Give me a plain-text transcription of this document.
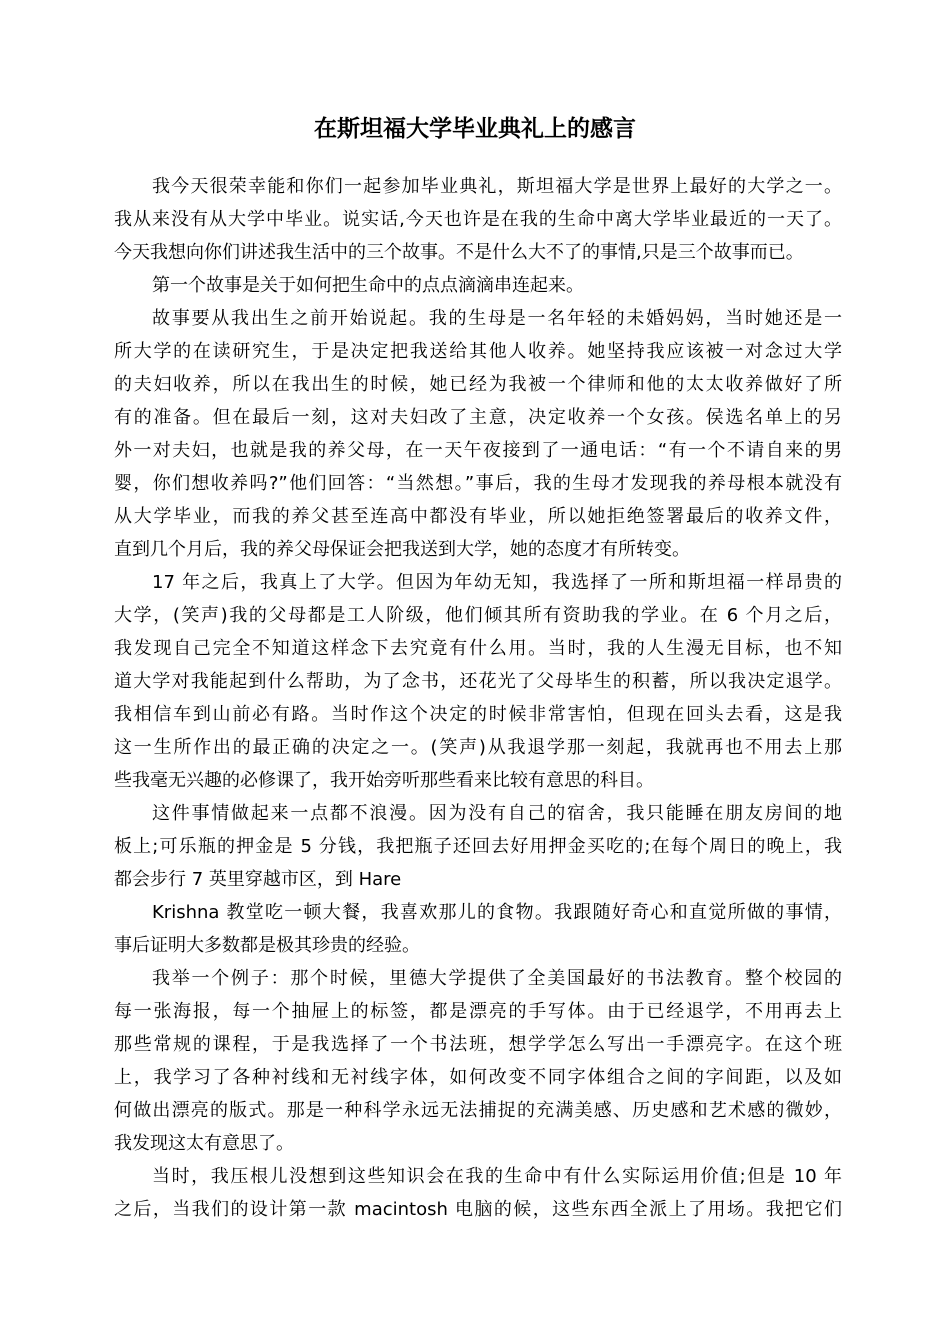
在斯坦福大学毕业典礼上的感言
我今天很荣幸能和你们一起参加毕业典礼，斯坦福大学是世界上最好的大学之一。
我从来没有从大学中毕业。说实话,今天也许是在我的生命中离大学毕业最近的一天了。
今天我想向你们讲述我生活中的三个故事。不是什么大不了的事情,只是三个故事而已。
第一个故事是关于如何把生命中的点点滴滴串连起来。
故事要从我出生之前开始说起。我的生母是一名年轻的未婚妈妈，当时她还是一
所大学的在读研究生，于是决定把我送给其他人收养。她坚持我应该被一对念过大学
的夫妇收养，所以在我出生的时候，她已经为我被一个律师和他的太太收养做好了所
有的准备。但在最后一刻，这对夫妇改了主意，决定收养一个女孩。侯选名单上的另
外一对夫妇，也就是我的养父母，在一天午夜接到了一通电话：“有一个不请自来的男
婴，你们想收养吗?”他们回答：“当然想。”事后，我的生母才发现我的养母根本就没有
从大学毕业，而我的养父甚至连高中都没有毕业，所以她拒绝签署最后的收养文件，
直到几个月后，我的养父母保证会把我送到大学，她的态度才有所转变。
17 年之后，我真上了大学。但因为年幼无知，我选择了一所和斯坦福一样昂贵的
大学，(笑声)我的父母都是工人阶级，他们倾其所有资助我的学业。在 6 个月之后，
我发现自己完全不知道这样念下去究竟有什么用。当时，我的人生漫无目标，也不知
道大学对我能起到什么帮助，为了念书，还花光了父母毕生的积蓄，所以我决定退学。
我相信车到山前必有路。当时作这个决定的时候非常害怕，但现在回头去看，这是我
这一生所作出的最正确的决定之一。(笑声)从我退学那一刻起，我就再也不用去上那
些我毫无兴趣的必修课了，我开始旁听那些看来比较有意思的科目。
这件事情做起来一点都不浪漫。因为没有自己的宿舍，我只能睡在朋友房间的地
板上;可乐瓶的押金是 5 分钱，我把瓶子还回去好用押金买吃的;在每个周日的晚上，我
都会步行 7 英里穿越市区，到 Hare
Krishna 教堂吃一顿大餐，我喜欢那儿的食物。我跟随好奇心和直觉所做的事情，
事后证明大多数都是极其珍贵的经验。
我举一个例子：那个时候，里德大学提供了全美国最好的书法教育。整个校园的
每一张海报，每一个抽屉上的标签，都是漂亮的手写体。由于已经退学，不用再去上
那些常规的课程，于是我选择了一个书法班，想学学怎么写出一手漂亮字。在这个班
上，我学习了各种衬线和无衬线字体，如何改变不同字体组合之间的字间距，以及如
何做出漂亮的版式。那是一种科学永远无法捕捉的充满美感、历史感和艺术感的微妙，
我发现这太有意思了。
当时，我压根儿没想到这些知识会在我的生命中有什么实际运用价值;但是 10 年
之后，当我们的设计第一款 macintosh 电脑的候，这些东西全派上了用场。我把它们
